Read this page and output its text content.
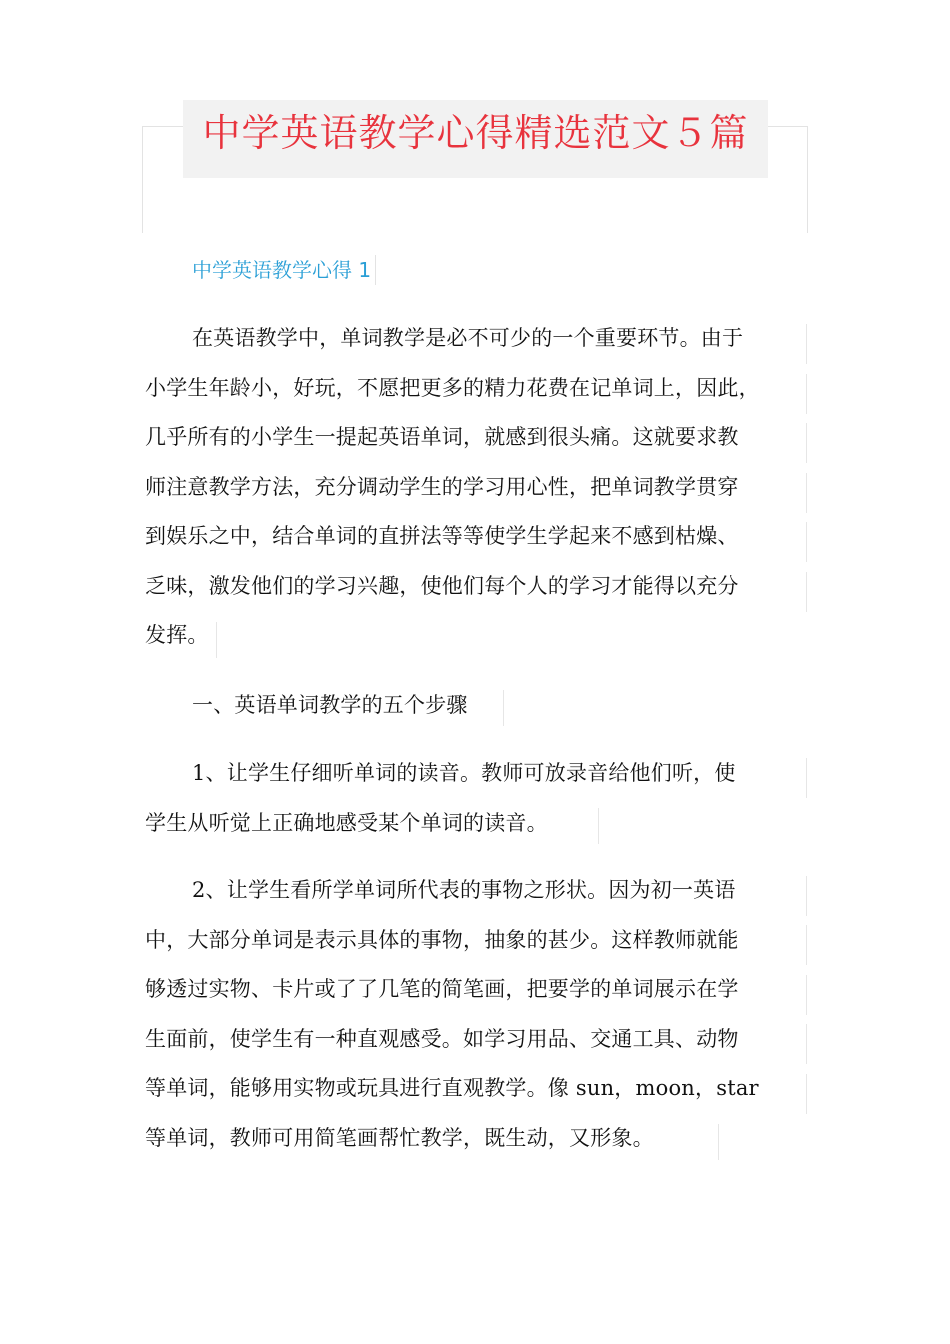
中学英语教学心得精选范文５篇
中学英语教学心得 1
在英语教学中，单词教学是必不可少的一个重要环节。由于
小学生年龄小，好玩，不愿把更多的精力花费在记单词上，因此，
几乎所有的小学生一提起英语单词，就感到很头痛。这就要求教
师注意教学方法，充分调动学生的学习用心性，把单词教学贯穿
到娱乐之中，结合单词的直拼法等等使学生学起来不感到枯燥、
乏味，激发他们的学习兴趣，使他们每个人的学习才能得以充分
发挥。
一、英语单词教学的五个步骤
1、让学生仔细听单词的读音。教师可放录音给他们听，使
学生从听觉上正确地感受某个单词的读音。
2、让学生看所学单词所代表的事物之形状。因为初一英语
中，大部分单词是表示具体的事物，抽象的甚少。这样教师就能
够透过实物、卡片或了了几笔的简笔画，把要学的单词展示在学
生面前，使学生有一种直观感受。如学习用品、交通工具、动物
等单词，能够用实物或玩具进行直观教学。像 sun，moon，star
等单词，教师可用简笔画帮忙教学，既生动，又形象。
